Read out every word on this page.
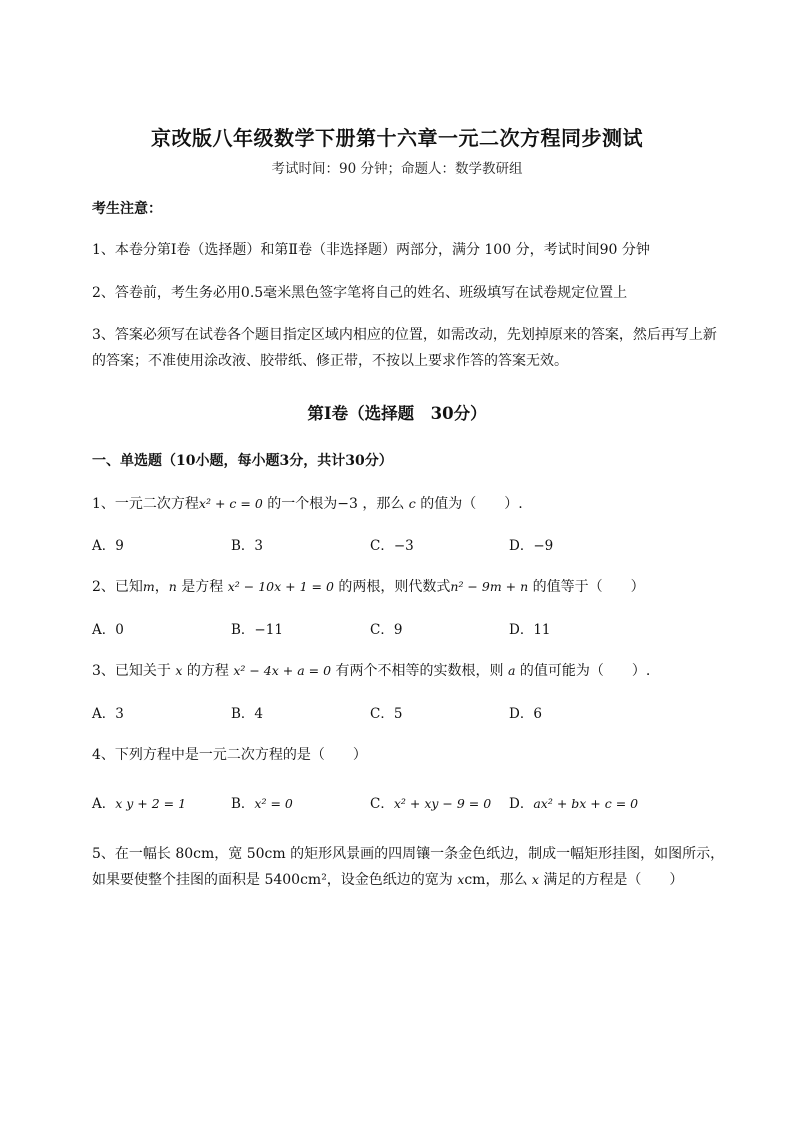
京改版八年级数学下册第十六章一元二次方程同步测试
考试时间：90 分钟；命题人：数学教研组
考生注意：
1、本卷分第Ⅰ卷（选择题）和第Ⅱ卷（非选择题）两部分，满分 100 分，考试时间90 分钟
2、答卷前，考生务必用0.5毫米黑色签字笔将自己的姓名、班级填写在试卷规定位置上
3、答案必须写在试卷各个题目指定区域内相应的位置，如需改动，先划掉原来的答案，然后再写上新
的答案；不准使用涂改液、胶带纸、修正带，不按以上要求作答的答案无效。
第Ⅰ卷（选择题　30分）
一、单选题（10小题，每小题3分，共计30分）
1、一元二次方程x² + c = 0 的一个根为−3 ，那么 c 的值为（　　）.
A．9	B．3	C．−3	D．−9
2、已知m，n 是方程 x² − 10x + 1 = 0 的两根，则代数式n² − 9m + n 的值等于（　　）
A．0	B．−11	C．9	D．11
3、已知关于 x 的方程 x² − 4x + a = 0 有两个不相等的实数根，则 a 的值可能为（　　）.
A．3	B．4	C．5	D．6
4、下列方程中是一元二次方程的是（　　）
A．x y + 2 = 1	B．x² = 0	C．x² + xy − 9 = 0 D．ax² + bx + c = 0
5、在一幅长 80cm，宽 50cm 的矩形风景画的四周镶一条金色纸边，制成一幅矩形挂图，如图所示，
如果要使整个挂图的面积是 5400cm²，设金色纸边的宽为 xcm，那么 x 满足的方程是（　　）
